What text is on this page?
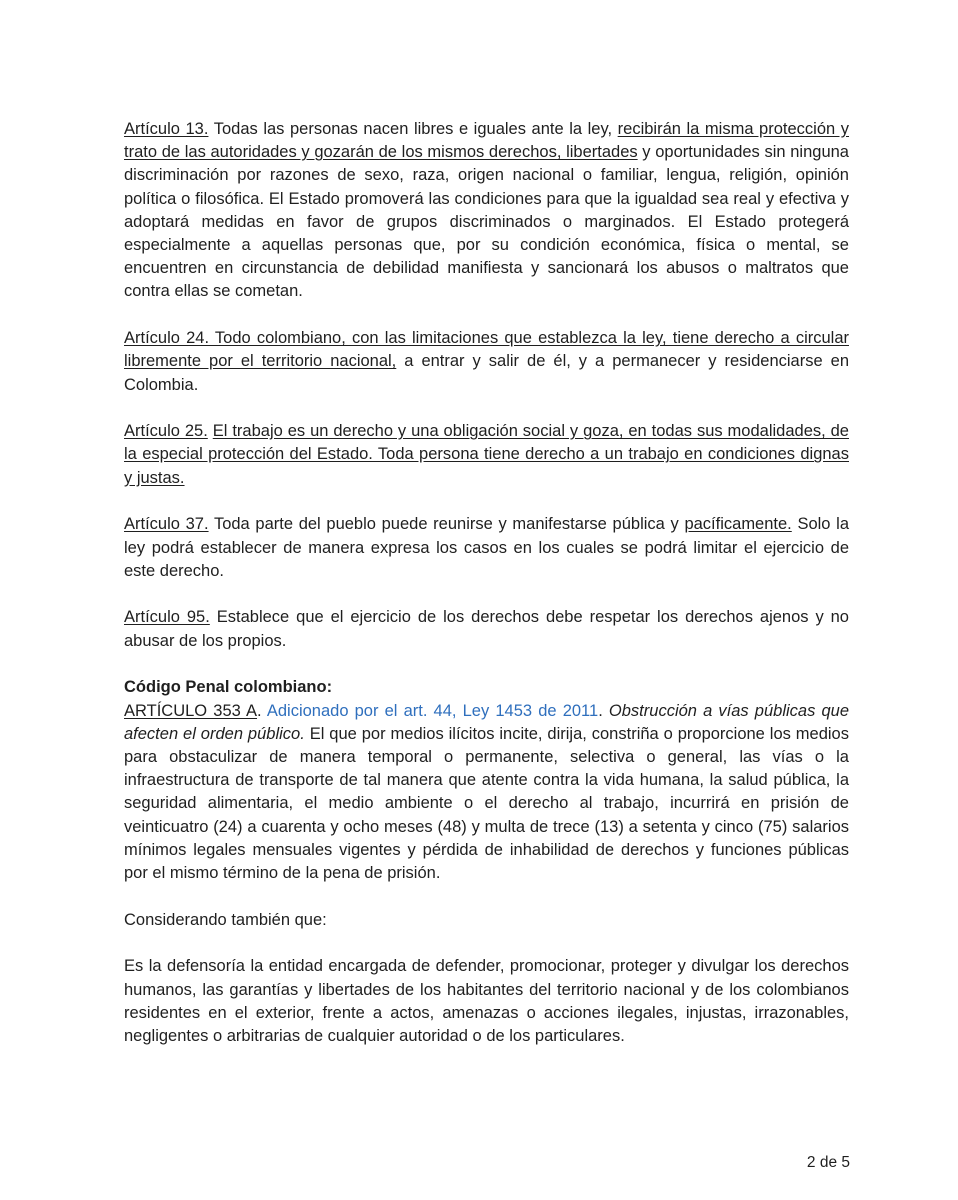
Artículo 13. Todas las personas nacen libres e iguales ante la ley, recibirán la misma protección y trato de las autoridades y gozarán de los mismos derechos, libertades y oportunidades sin ninguna discriminación por razones de sexo, raza, origen nacional o familiar, lengua, religión, opinión política o filosófica. El Estado promoverá las condiciones para que la igualdad sea real y efectiva y adoptará medidas en favor de grupos discriminados o marginados. El Estado protegerá especialmente a aquellas personas que, por su condición económica, física o mental, se encuentren en circunstancia de debilidad manifiesta y sancionará los abusos o maltratos que contra ellas se cometan.

Artículo 24. Todo colombiano, con las limitaciones que establezca la ley, tiene derecho a circular libremente por el territorio nacional, a entrar y salir de él, y a permanecer y residenciarse en Colombia.

Artículo 25. El trabajo es un derecho y una obligación social y goza, en todas sus modalidades, de la especial protección del Estado. Toda persona tiene derecho a un trabajo en condiciones dignas y justas.

Artículo 37. Toda parte del pueblo puede reunirse y manifestarse pública y pacíficamente. Solo la ley podrá establecer de manera expresa los casos en los cuales se podrá limitar el ejercicio de este derecho.

Artículo 95. Establece que el ejercicio de los derechos debe respetar los derechos ajenos y no abusar de los propios.

Código Penal colombiano:

ARTÍCULO 353 A. Adicionado por el art. 44, Ley 1453 de 2011. Obstrucción a vías públicas que afecten el orden público. El que por medios ilícitos incite, dirija, constriña o proporcione los medios para obstaculizar de manera temporal o permanente, selectiva o general, las vías o la infraestructura de transporte de tal manera que atente contra la vida humana, la salud pública, la seguridad alimentaria, el medio ambiente o el derecho al trabajo, incurrirá en prisión de veinticuatro (24) a cuarenta y ocho meses (48) y multa de trece (13) a setenta y cinco (75) salarios mínimos legales mensuales vigentes y pérdida de inhabilidad de derechos y funciones públicas por el mismo término de la pena de prisión.

Considerando también que:

Es la defensoría la entidad encargada de defender, promocionar, proteger y divulgar los derechos humanos, las garantías y libertades de los habitantes del territorio nacional y de los colombianos residentes en el exterior, frente a actos, amenazas o acciones ilegales, injustas, irrazonables, negligentes o arbitrarias de cualquier autoridad o de los particulares.

2 de 5
